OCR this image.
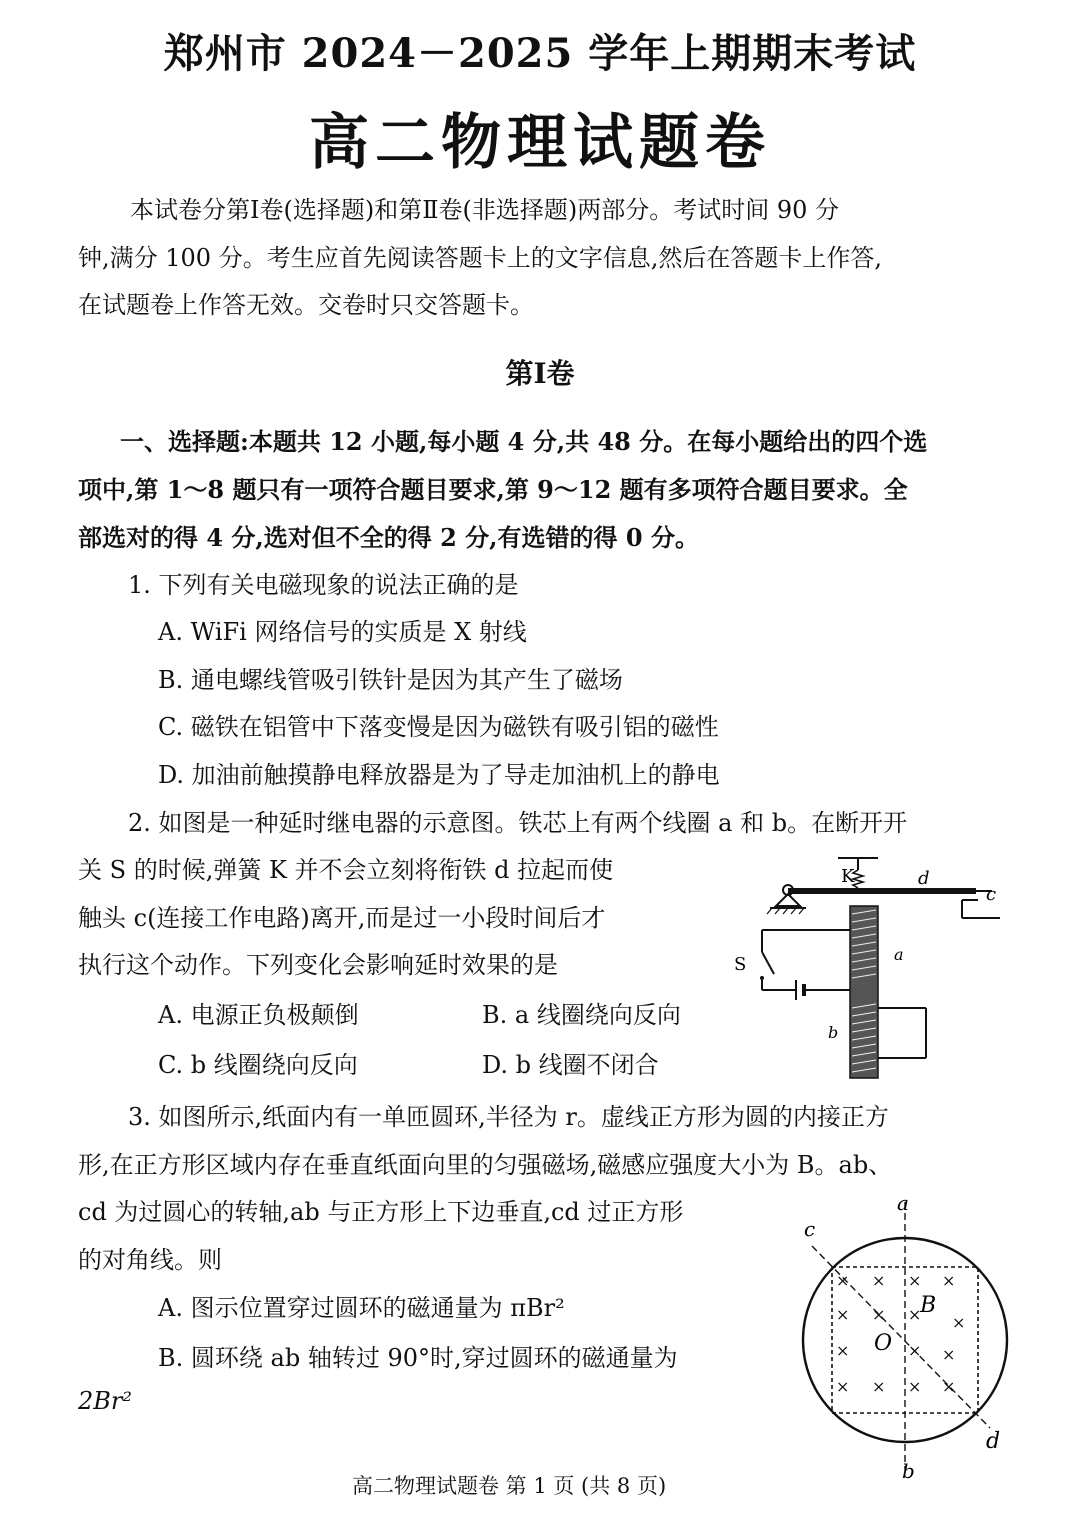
郑州市 2024－2025 学年上期期末考试
高二物理试题卷
本试卷分第Ⅰ卷(选择题)和第Ⅱ卷(非选择题)两部分。考试时间 90 分
钟,满分 100 分。考生应首先阅读答题卡上的文字信息,然后在答题卡上作答,
在试题卷上作答无效。交卷时只交答题卡。
第Ⅰ卷
一、选择题:本题共 12 小题,每小题 4 分,共 48 分。在每小题给出的四个选
项中,第 1～8 题只有一项符合题目要求,第 9～12 题有多项符合题目要求。全
部选对的得 4 分,选对但不全的得 2 分,有选错的得 0 分。
1. 下列有关电磁现象的说法正确的是
A. WiFi 网络信号的实质是 X 射线
B. 通电螺线管吸引铁针是因为其产生了磁场
C. 磁铁在铝管中下落变慢是因为磁铁有吸引铝的磁性
D. 加油前触摸静电释放器是为了导走加油机上的静电
2. 如图是一种延时继电器的示意图。铁芯上有两个线圈 a 和 b。在断开开
关 S 的时候,弹簧 K 并不会立刻将衔铁 d 拉起而使
触头 c(连接工作电路)离开,而是过一小段时间后才
执行这个动作。下列变化会影响延时效果的是
A. 电源正负极颠倒	B. a 线圈绕向反向
C. b 线圈绕向反向	D. b 线圈不闭合
K	d
c
S	a
b
3. 如图所示,纸面内有一单匝圆环,半径为 r。虚线正方形为圆的内接正方
形,在正方形区域内存在垂直纸面向里的匀强磁场,磁感应强度大小为 B。ab、
cd 为过圆心的转轴,ab 与正方形上下边垂直,cd 过正方形
的对角线。则
A. 图示位置穿过圆环的磁通量为 πBr²
B. 圆环绕 ab 轴转过 90°时,穿过圆环的磁通量为
2Br²
a
b
c
d
× × × ×
× × × ×
×	× ×
× × × ×
B
O
高二物理试题卷 第 1 页 (共 8 页)
